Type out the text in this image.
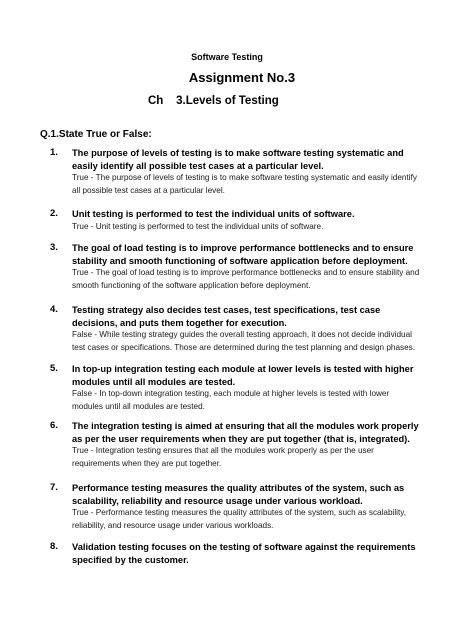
Software Testing
Assignment No.3
Ch    3.Levels of Testing
Q.1.State True or False:
1. The purpose of levels of testing is to make software testing systematic and easily identify all possible test cases at a particular level.

True - The purpose of levels of testing is to make software testing systematic and easily identify all possible test cases at a particular level.

2. Unit testing is performed to test the individual units of software.

True - Unit testing is performed to test the individual units of software.

3. The goal of load testing is to improve performance bottlenecks and to ensure stability and smooth functioning of software application before deployment.

True - The goal of load testing is to improve performance bottlenecks and to ensure stability and smooth functioning of the software application before deployment.

4. Testing strategy also decides test cases, test specifications, test case decisions, and puts them together for execution.

False - While testing strategy guides the overall testing approach, it does not decide individual test cases or specifications. Those are determined during the test planning and design phases.

5. In top-up integration testing each module at lower levels is tested with higher modules until all modules are tested.

False - In top-down integration testing, each module at higher levels is tested with lower modules until all modules are tested.

6. The integration testing is aimed at ensuring that all the modules work properly as per the user requirements when they are put together (that is, integrated).

True - Integration testing ensures that all the modules work properly as per the user requirements when they are put together.

7. Performance testing measures the quality attributes of the system, such as scalability, reliability and resource usage under various workload.

True - Performance testing measures the quality attributes of the system, such as scalability, reliability, and resource usage under various workloads.

8. Validation testing focuses on the testing of software against the requirements specified by the customer.
